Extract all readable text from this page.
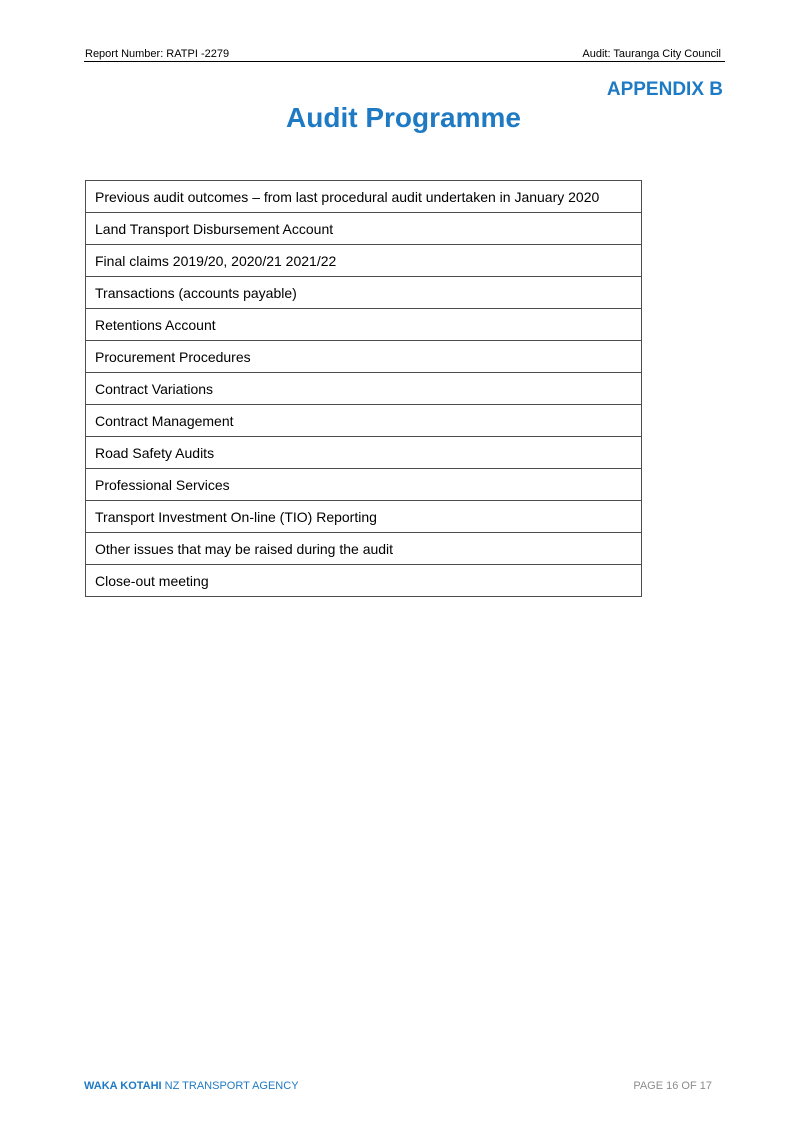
Report Number: RATPI -2279	Audit: Tauranga City Council
APPENDIX B
Audit Programme
Previous audit outcomes – from last procedural audit undertaken in January 2020
Land Transport Disbursement Account
Final claims 2019/20, 2020/21 2021/22
Transactions (accounts payable)
Retentions Account
Procurement Procedures
Contract Variations
Contract Management
Road Safety Audits
Professional Services
Transport Investment On-line (TIO) Reporting
Other issues that may be raised during the audit
Close-out meeting
WAKA KOTAHI NZ TRANSPORT AGENCY	PAGE 16 OF 17
